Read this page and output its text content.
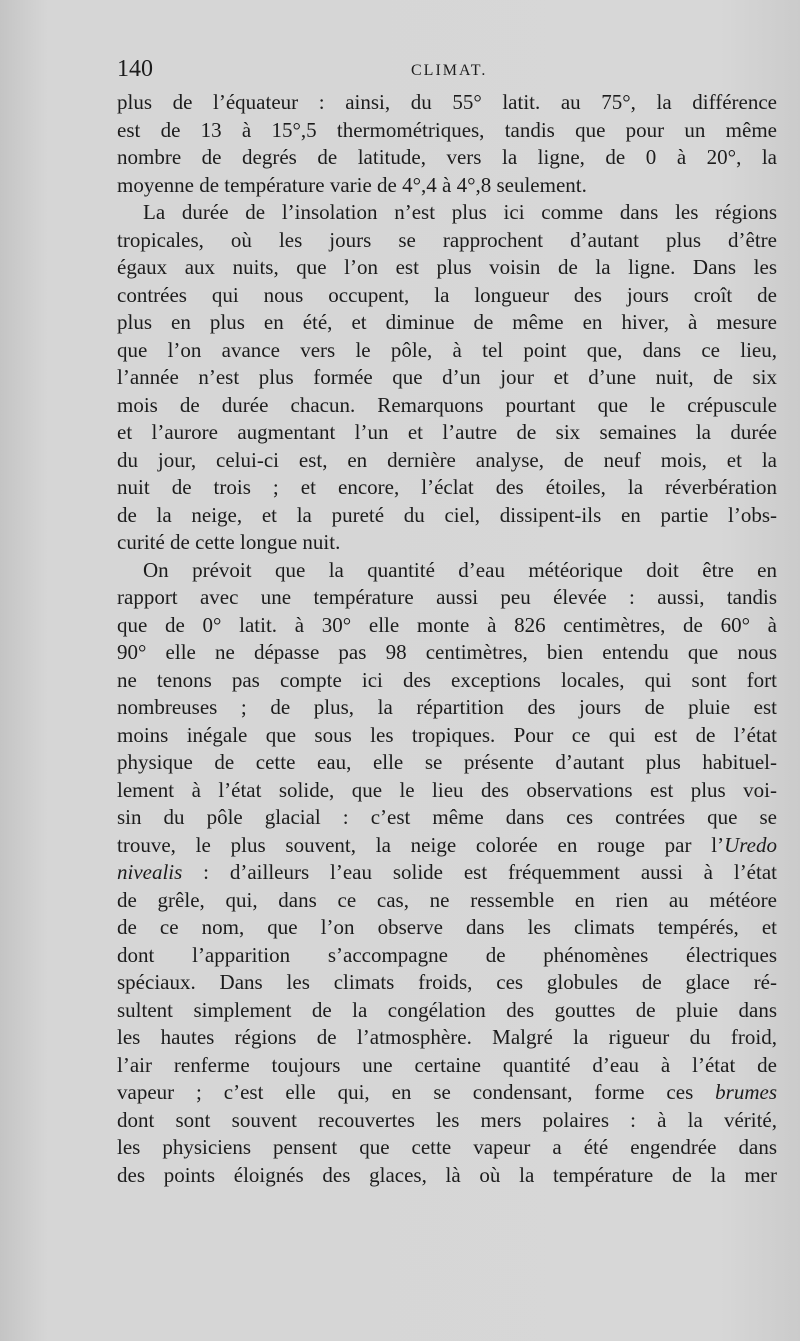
140	CLIMAT.
plus de l’équateur : ainsi, du 55° latit. au 75°, la différence
est de 13 à 15°,5 thermométriques, tandis que pour un même
nombre de degrés de latitude, vers la ligne, de 0 à 20°, la
moyenne de température varie de 4°,4 à 4°,8 seulement.
La durée de l’insolation n’est plus ici comme dans les régions
tropicales, où les jours se rapprochent d’autant plus d’être
égaux aux nuits, que l’on est plus voisin de la ligne. Dans les
contrées qui nous occupent, la longueur des jours croît de
plus en plus en été, et diminue de même en hiver, à mesure
que l’on avance vers le pôle, à tel point que, dans ce lieu,
l’année n’est plus formée que d’un jour et d’une nuit, de six
mois de durée chacun. Remarquons pourtant que le crépuscule
et l’aurore augmentant l’un et l’autre de six semaines la durée
du jour, celui-ci est, en dernière analyse, de neuf mois, et la
nuit de trois ; et encore, l’éclat des étoiles, la réverbération
de la neige, et la pureté du ciel, dissipent-ils en partie l’obs-
curité de cette longue nuit.
On prévoit que la quantité d’eau météorique doit être en
rapport avec une température aussi peu élevée : aussi, tandis
que de 0° latit. à 30° elle monte à 826 centimètres, de 60° à
90° elle ne dépasse pas 98 centimètres, bien entendu que nous
ne tenons pas compte ici des exceptions locales, qui sont fort
nombreuses ; de plus, la répartition des jours de pluie est
moins inégale que sous les tropiques. Pour ce qui est de l’état
physique de cette eau, elle se présente d’autant plus habituel-
lement à l’état solide, que le lieu des observations est plus voi-
sin du pôle glacial : c’est même dans ces contrées que se
trouve, le plus souvent, la neige colorée en rouge par l’Uredo
nivealis : d’ailleurs l’eau solide est fréquemment aussi à l’état
de grêle, qui, dans ce cas, ne ressemble en rien au météore
de ce nom, que l’on observe dans les climats tempérés, et
dont l’apparition s’accompagne de phénomènes électriques
spéciaux. Dans les climats froids, ces globules de glace ré-
sultent simplement de la congélation des gouttes de pluie dans
les hautes régions de l’atmosphère. Malgré la rigueur du froid,
l’air renferme toujours une certaine quantité d’eau à l’état de
vapeur ; c’est elle qui, en se condensant, forme ces brumes
dont sont souvent recouvertes les mers polaires : à la vérité,
les physiciens pensent que cette vapeur a été engendrée dans
des points éloignés des glaces, là où la température de la mer
